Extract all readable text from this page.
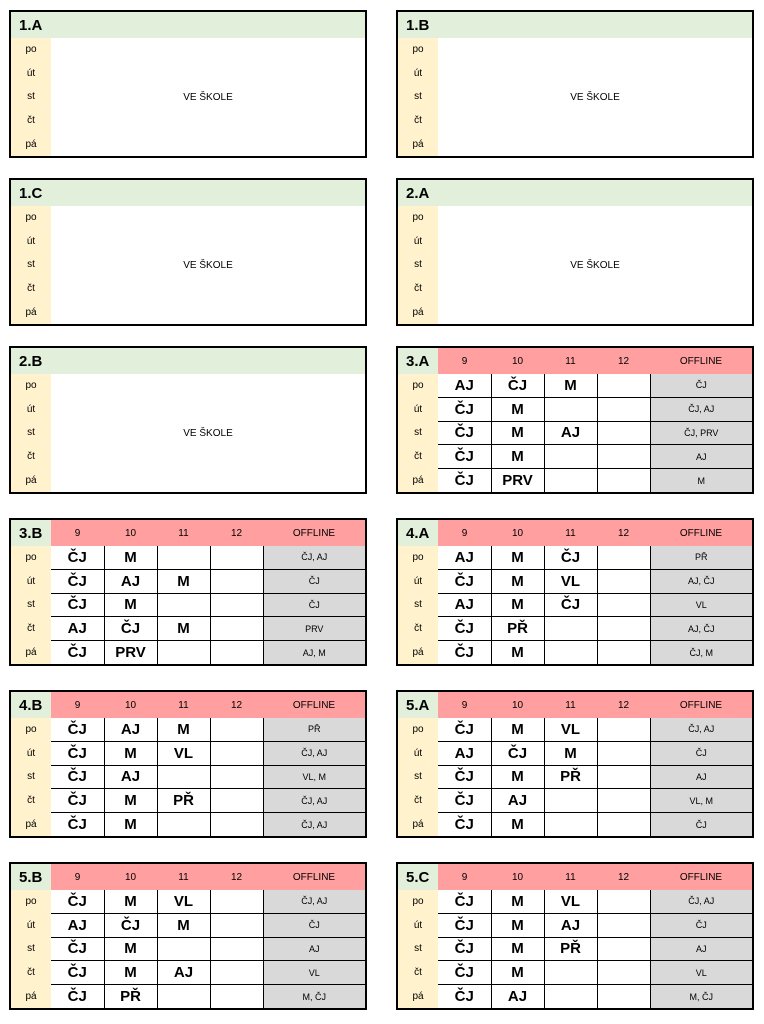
1.A
po
út
st
čt
pá
VE ŠKOLE
1.B
po
út
st
čt
pá
VE ŠKOLE
1.C
po
út
st
čt
pá
VE ŠKOLE
2.A
po
út
st
čt
pá
VE ŠKOLE
2.B
po
út
st
čt
pá
VE ŠKOLE
3.A	9	10	11	12	OFFLINE
po	AJ	ČJ	M		ČJ
út	ČJ	M			ČJ, AJ
st	ČJ	M	AJ		ČJ, PRV
čt	ČJ	M			AJ
pá	ČJ	PRV			M
3.B	9	10	11	12	OFFLINE
po	ČJ	M			ČJ, AJ
út	ČJ	AJ	M		ČJ
st	ČJ	M			ČJ
čt	AJ	ČJ	M		PRV
pá	ČJ	PRV			AJ, M
4.A	9	10	11	12	OFFLINE
po	AJ	M	ČJ		PŘ
út	ČJ	M	VL		AJ, ČJ
st	AJ	M	ČJ		VL
čt	ČJ	PŘ			AJ, ČJ
pá	ČJ	M			ČJ, M
4.B	9	10	11	12	OFFLINE
po	ČJ	AJ	M		PŘ
út	ČJ	M	VL		ČJ, AJ
st	ČJ	AJ			VL, M
čt	ČJ	M	PŘ		ČJ, AJ
pá	ČJ	M			ČJ, AJ
5.A	9	10	11	12	OFFLINE
po	ČJ	M	VL		ČJ, AJ
út	AJ	ČJ	M		ČJ
st	ČJ	M	PŘ		AJ
čt	ČJ	AJ			VL, M
pá	ČJ	M			ČJ
5.B	9	10	11	12	OFFLINE
po	ČJ	M	VL		ČJ, AJ
út	AJ	ČJ	M		ČJ
st	ČJ	M			AJ
čt	ČJ	M	AJ		VL
pá	ČJ	PŘ			M, ČJ
5.C	9	10	11	12	OFFLINE
po	ČJ	M	VL		ČJ, AJ
út	ČJ	M	AJ		ČJ
st	ČJ	M	PŘ		AJ
čt	ČJ	M			VL
pá	ČJ	AJ			M, ČJ
